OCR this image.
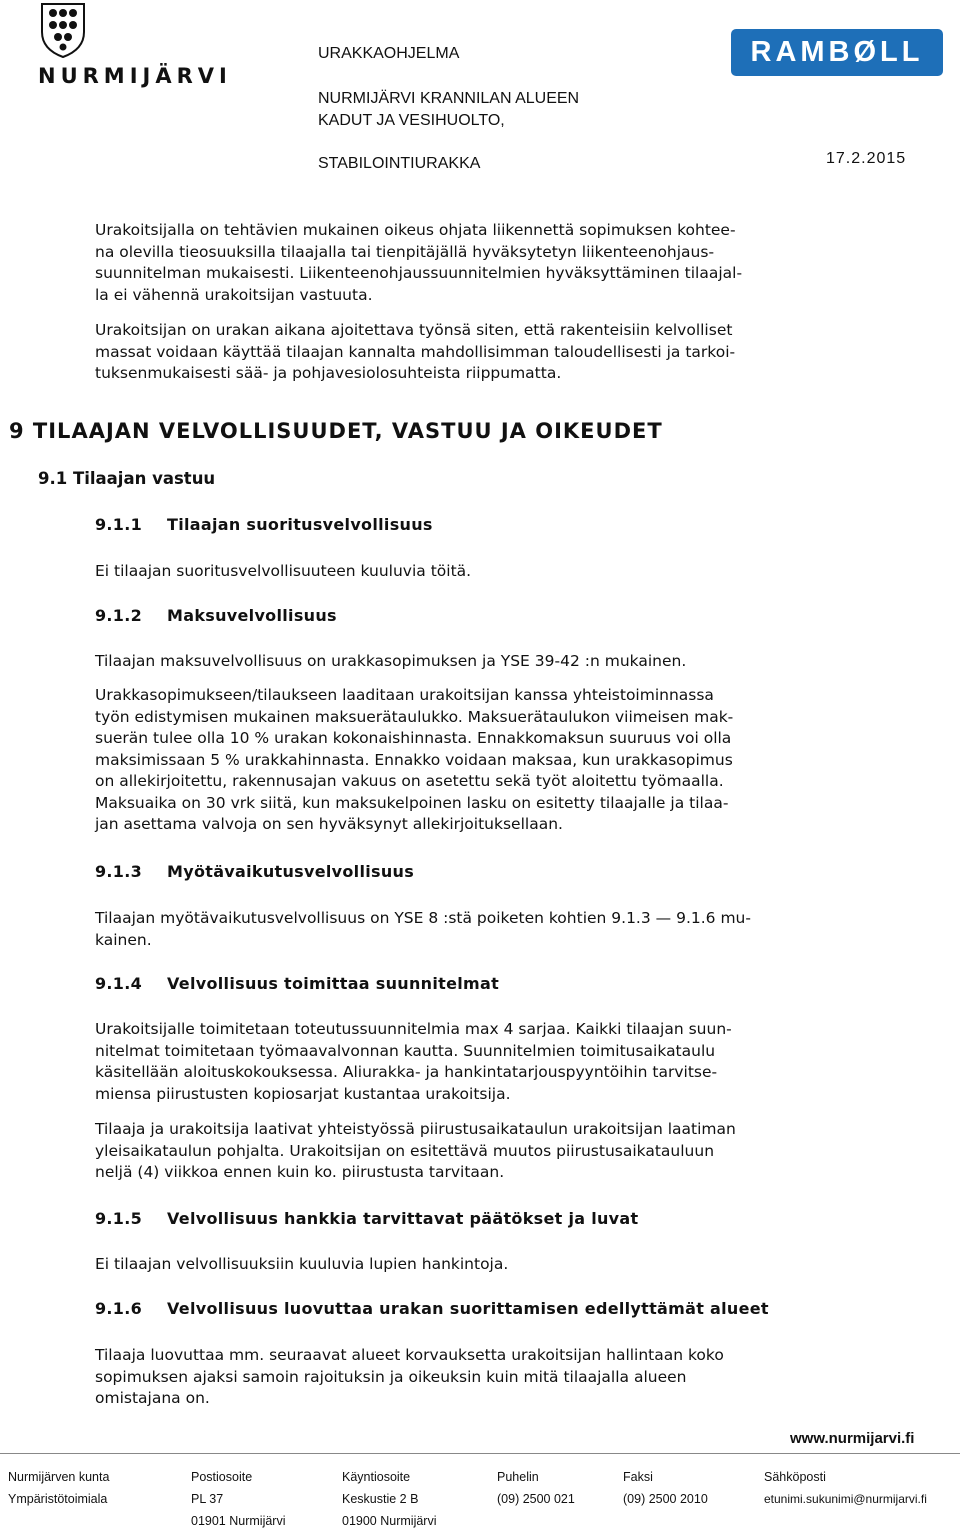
NURMIJÄRVI
URAKKAOHJELMA
NURMIJÄRVI KRANNILAN ALUEEN
KADUT JA VESIHUOLTO,
STABILOINTIURAKKA
RAMBØLL
17.2.2015
Urakoitsijalla on tehtävien mukainen oikeus ohjata liikennettä sopimuksen kohtee-
na olevilla tieosuuksilla tilaajalla tai tienpitäjällä hyväksytetyn liikenteenohjaus-
suunnitelman mukaisesti. Liikenteenohjaussuunnitelmien hyväksyttäminen tilaajal-
la ei vähennä urakoitsijan vastuuta.
Urakoitsijan on urakan aikana ajoitettava työnsä siten, että rakenteisiin kelvolliset
massat voidaan käyttää tilaajan kannalta mahdollisimman taloudellisesti ja tarkoi-
tuksenmukaisesti sää- ja pohjavesiolosuhteista riippumatta.
9 TILAAJAN VELVOLLISUUDET, VASTUU JA OIKEUDET
9.1 Tilaajan vastuu
9.1.1 Tilaajan suoritusvelvollisuus
Ei tilaajan suoritusvelvollisuuteen kuuluvia töitä.
9.1.2 Maksuvelvollisuus
Tilaajan maksuvelvollisuus on urakkasopimuksen ja YSE 39-42 :n mukainen.
Urakkasopimukseen/tilaukseen laaditaan urakoitsijan kanssa yhteistoiminnassa
työn edistymisen mukainen maksuerätaulukko. Maksuerätaulukon viimeisen mak-
suerän tulee olla 10 % urakan kokonaishinnasta. Ennakkomaksun suuruus voi olla
maksimissaan 5 % urakkahinnasta. Ennakko voidaan maksaa, kun urakkasopimus
on allekirjoitettu, rakennusajan vakuus on asetettu sekä työt aloitettu työmaalla.
Maksuaika on 30 vrk siitä, kun maksukelpoinen lasku on esitetty tilaajalle ja tilaa-
jan asettama valvoja on sen hyväksynyt allekirjoituksellaan.
9.1.3 Myötävaikutusvelvollisuus
Tilaajan myötävaikutusvelvollisuus on YSE 8 :stä poiketen kohtien 9.1.3 — 9.1.6 mu-
kainen.
9.1.4 Velvollisuus toimittaa suunnitelmat
Urakoitsijalle toimitetaan toteutussuunnitelmia max 4 sarjaa. Kaikki tilaajan suun-
nitelmat toimitetaan työmaavalvonnan kautta. Suunnitelmien toimitusaikataulu
käsitellään aloituskokouksessa. Aliurakka- ja hankintatarjouspyyntöihin tarvitse-
miensa piirustusten kopiosarjat kustantaa urakoitsija.
Tilaaja ja urakoitsija laativat yhteistyössä piirustusaikataulun urakoitsijan laatiman
yleisaikataulun pohjalta. Urakoitsijan on esitettävä muutos piirustusaikatauluun
neljä (4) viikkoa ennen kuin ko. piirustusta tarvitaan.
9.1.5 Velvollisuus hankkia tarvittavat päätökset ja luvat
Ei tilaajan velvollisuuksiin kuuluvia lupien hankintoja.
9.1.6 Velvollisuus luovuttaa urakan suorittamisen edellyttämät alueet
Tilaaja luovuttaa mm. seuraavat alueet korvauksetta urakoitsijan hallintaan koko
sopimuksen ajaksi samoin rajoituksin ja oikeuksin kuin mitä tilaajalla alueen
omistajana on.
www.nurmijarvi.fi
Nurmijärven kunta
Ympäristötoimiala
Postiosoite
PL 37
01901 Nurmijärvi
Käyntiosoite
Keskustie 2 B
01900 Nurmijärvi
Puhelin
(09) 2500 021
Faksi
(09) 2500 2010
Sähköposti
etunimi.sukunimi@nurmijarvi.fi
